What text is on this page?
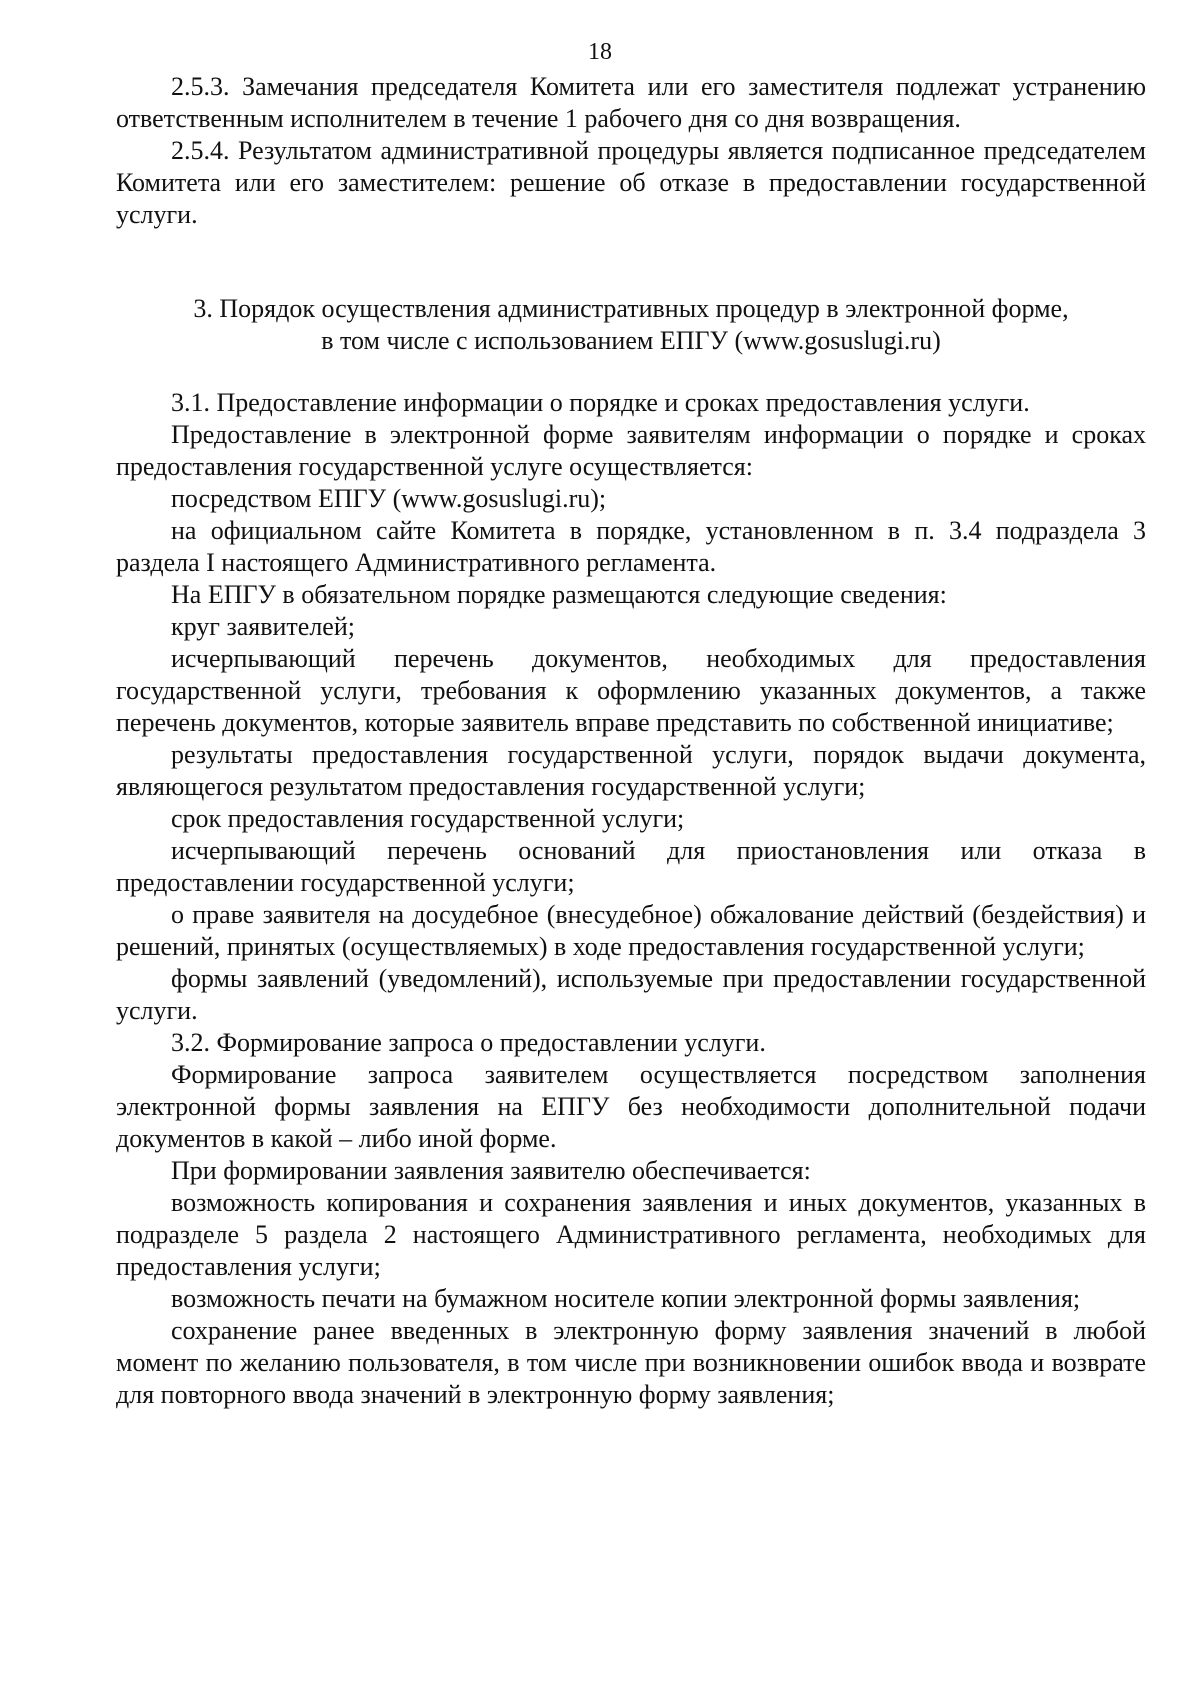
18

2.5.3. Замечания председателя Комитета или его заместителя подлежат устранению ответственным исполнителем в течение 1 рабочего дня со дня возвращения.

2.5.4. Результатом административной процедуры является подписанное председателем Комитета или его заместителем: решение об отказе в предоставлении государственной услуги.

3. Порядок осуществления административных процедур в электронной форме,

в том числе с использованием ЕПГУ (www.gosuslugi.ru)

3.1. Предоставление информации о порядке и сроках предоставления услуги.

Предоставление в электронной форме заявителям информации о порядке и сроках предоставления государственной услуге осуществляется:

посредством ЕПГУ (www.gosuslugi.ru);

на официальном сайте Комитета в порядке, установленном в п. 3.4 подраздела 3 раздела I настоящего Административного регламента.

На ЕПГУ в обязательном порядке размещаются следующие сведения:

круг заявителей;

исчерпывающий перечень документов, необходимых для предоставления государственной услуги, требования к оформлению указанных документов, а также перечень документов, которые заявитель вправе представить по собственной инициативе;

результаты предоставления государственной услуги, порядок выдачи документа, являющегося результатом предоставления государственной услуги;

срок предоставления государственной услуги;

исчерпывающий перечень оснований для приостановления или отказа в предоставлении государственной услуги;

о праве заявителя на досудебное (внесудебное) обжалование действий (бездействия) и решений, принятых (осуществляемых) в ходе предоставления государственной услуги;

формы заявлений (уведомлений), используемые при предоставлении государственной услуги.

3.2. Формирование запроса о предоставлении услуги.

Формирование запроса заявителем осуществляется посредством заполнения электронной формы заявления на ЕПГУ без необходимости дополнительной подачи документов в какой – либо иной форме.

При формировании заявления заявителю обеспечивается:

возможность копирования и сохранения заявления и иных документов, указанных в подразделе 5 раздела 2 настоящего Административного регламента, необходимых для предоставления услуги;

возможность печати на бумажном носителе копии электронной формы заявления;

сохранение ранее введенных в электронную форму заявления значений в любой момент по желанию пользователя, в том числе при возникновении ошибок ввода и возврате для повторного ввода значений в электронную форму заявления;
